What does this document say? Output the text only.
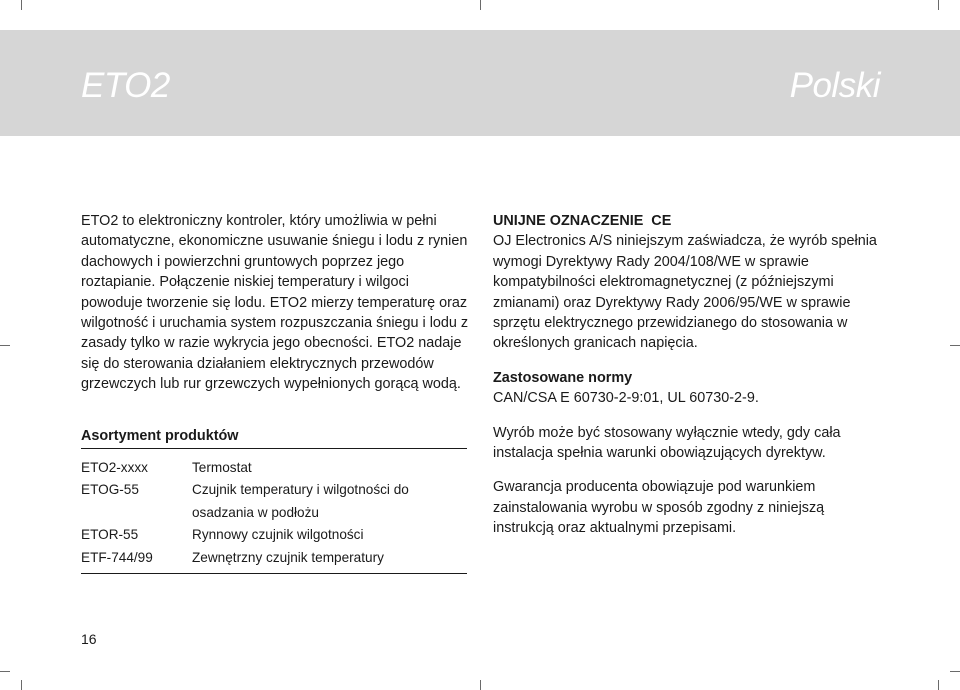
ETO2	Polski

ETO2 to elektroniczny kontroler, który umożliwia w pełni automatyczne, ekonomiczne usuwanie śniegu i lodu z rynien dachowych i powierzchni gruntowych poprzez jego roztapianie. Połączenie niskiej temperatury i wilgoci powoduje tworzenie się lodu. ETO2 mierzy temperaturę oraz wilgotność i uruchamia system rozpuszczania śniegu i lodu z zasady tylko w razie wykrycia jego obecności. ETO2 nadaje się do sterowania działaniem elektrycznych przewodów grzewczych lub rur grzewczych wypełnionych gorącą wodą.

Asortyment produktów
ETO2-xxxx	Termostat
ETOG-55	Czujnik temperatury i wilgotności do osadzania w podłożu
ETOR-55	Rynnowy czujnik wilgotności
ETF-744/99	Zewnętrzny czujnik temperatury

UNIJNE OZNACZENIE  CE

OJ Electronics A/S niniejszym zaświadcza, że wyrób spełnia wymogi Dyrektywy Rady 2004/108/WE w sprawie kompatybilności elektromagnetycznej (z późniejszymi zmianami) oraz Dyrektywy Rady 2006/95/WE w sprawie sprzętu elektrycznego przewidzianego do stosowania w określonych granicach napięcia.

Zastosowane normy

CAN/CSA E 60730-2-9:01, UL 60730-2-9.

Wyrób może być stosowany wyłącznie wtedy, gdy cała instalacja spełnia warunki obowiązujących dyrektyw.

Gwarancja producenta obowiązuje pod warunkiem zainstalowania wyrobu w sposób zgodny z niniejszą instrukcją oraz aktualnymi przepisami.

16
